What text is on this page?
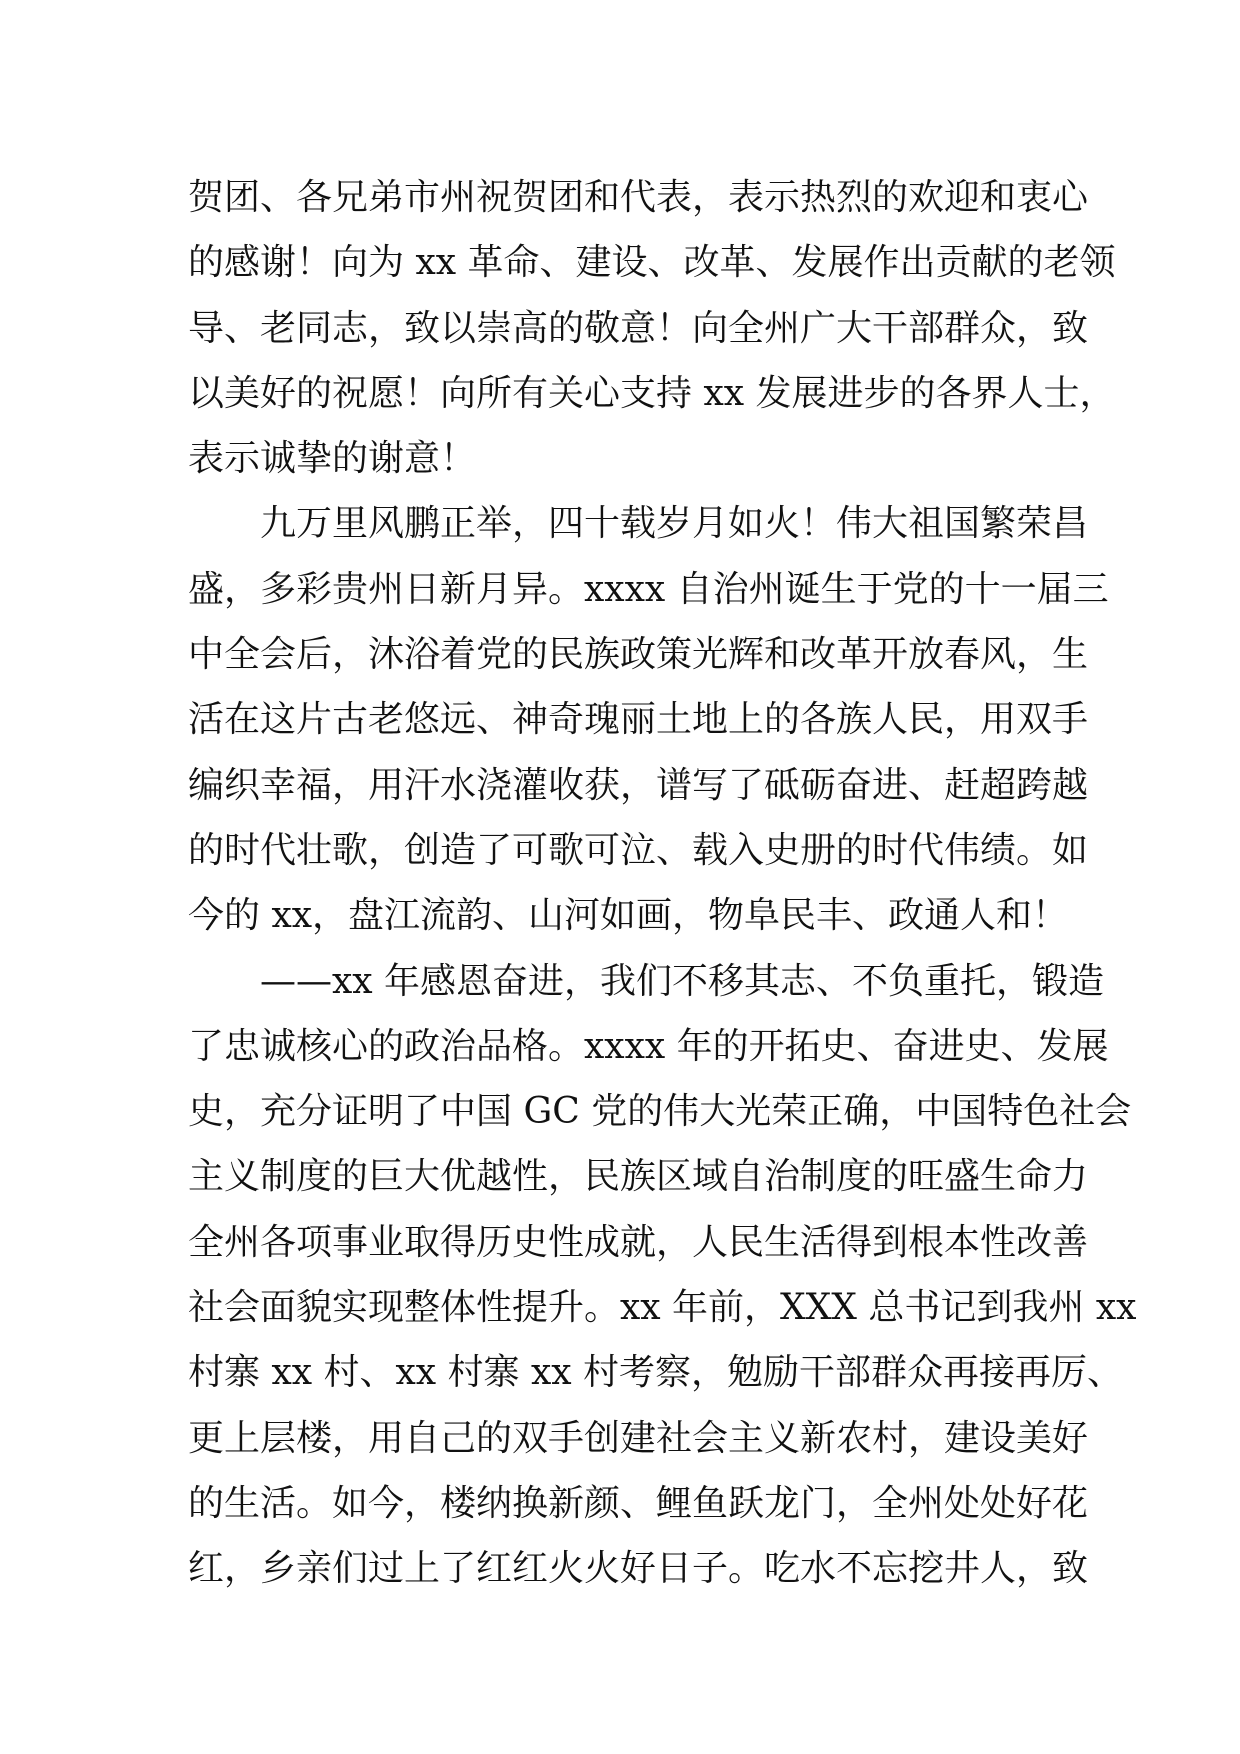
贺团、各兄弟市州祝贺团和代表，表示热烈的欢迎和衷心
的感谢！向为 xx 革命、建设、改革、发展作出贡献的老领
导、老同志，致以崇高的敬意！向全州广大干部群众，致
以美好的祝愿！向所有关心支持 xx 发展进步的各界人士，
表示诚挚的谢意！
九万里风鹏正举，四十载岁月如火！伟大祖国繁荣昌
盛，多彩贵州日新月异。xxxx 自治州诞生于党的十一届三
中全会后，沐浴着党的民族政策光辉和改革开放春风，生
活在这片古老悠远、神奇瑰丽土地上的各族人民，用双手
编织幸福，用汗水浇灌收获，谱写了砥砺奋进、赶超跨越
的时代壮歌，创造了可歌可泣、载入史册的时代伟绩。如
今的 xx，盘江流韵、山河如画，物阜民丰、政通人和！
——xx 年感恩奋进，我们不移其志、不负重托，锻造
了忠诚核心的政治品格。xxxx 年的开拓史、奋进史、发展
史，充分证明了中国 GC 党的伟大光荣正确，中国特色社会
主义制度的巨大优越性，民族区域自治制度的旺盛生命力
全州各项事业取得历史性成就，人民生活得到根本性改善
社会面貌实现整体性提升。xx 年前，XXX 总书记到我州 xx
村寨 xx 村、xx 村寨 xx 村考察，勉励干部群众再接再厉、
更上层楼，用自己的双手创建社会主义新农村，建设美好
的生活。如今，楼纳换新颜、鲤鱼跃龙门，全州处处好花
红，乡亲们过上了红红火火好日子。吃水不忘挖井人，致
